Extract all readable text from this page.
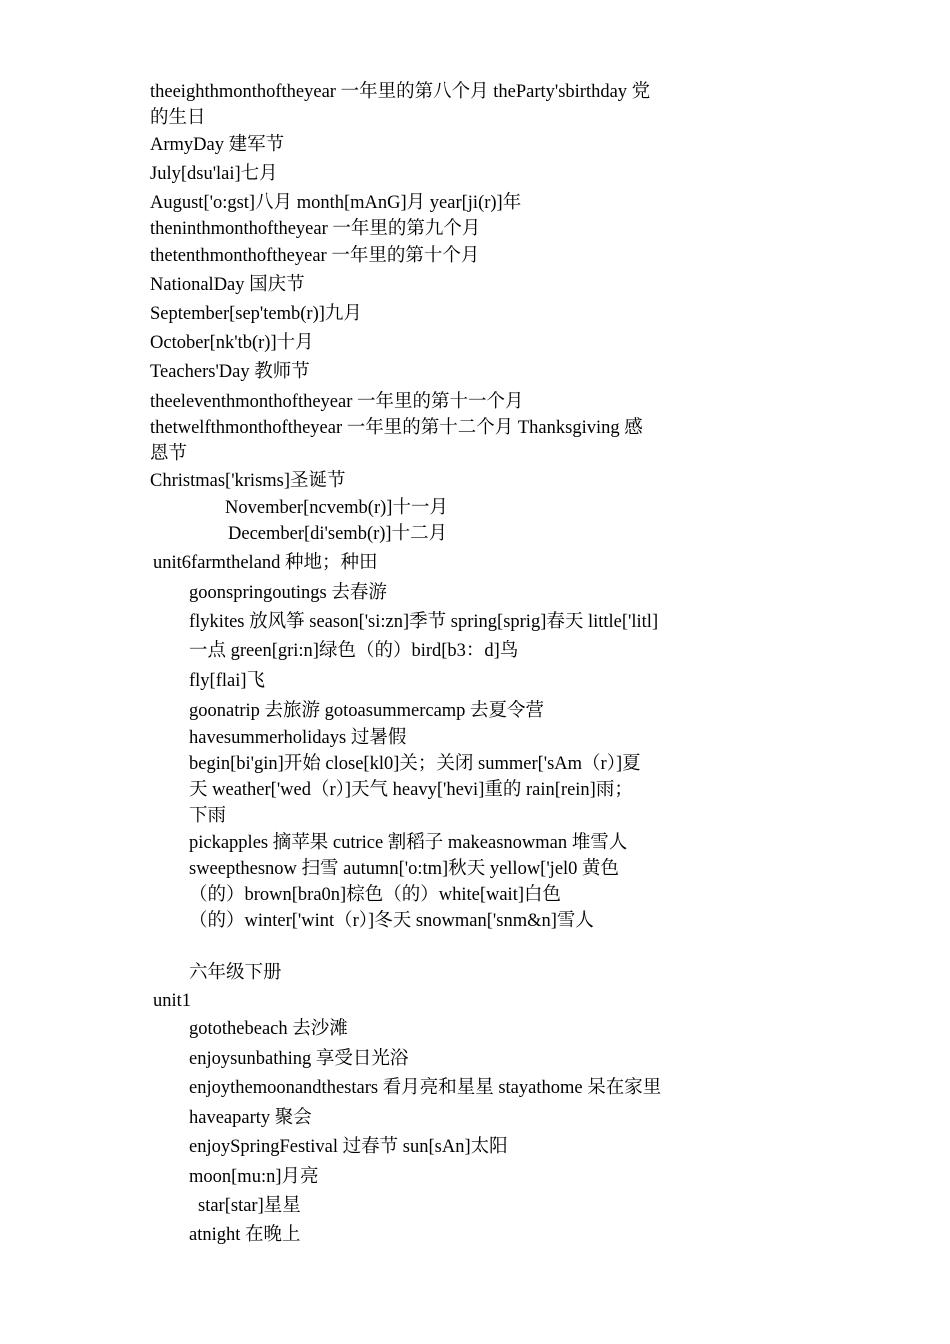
theeighthmonthoftheyear 一年里的第八个月 theParty'sbirthday 党
的生日
ArmyDay 建军节
July[dsu'lai]七月
August['o:gst]八月 month[mAnG]月 year[ji(r)]年
theninthmonthoftheyear 一年里的第九个月
thetenthmonthoftheyear 一年里的第十个月
NationalDay 国庆节
September[sep'temb(r)]九月
October[nk'tb(r)]十月
Teachers'Day 教师节
theeleventhmonthoftheyear 一年里的第十一个月
thetwelfthmonthoftheyear 一年里的第十二个月 Thanksgiving 感
恩节
Christmas['krisms]圣诞节
November[ncvemb(r)]十一月
December[di'semb(r)]十二月
unit6farmtheland 种地；种田
goonspringoutings 去春游
flykites 放风筝 season['si:zn]季节 spring[sprig]春天 little['litl]
一点 green[gri:n]绿色（的）bird[b3：d]鸟
fly[flai]飞
goonatrip 去旅游 gotoasummercamp 去夏令营
havesummerholidays 过暑假
begin[bi'gin]开始 close[kl0]关；关闭 summer['sAm（r）]夏
天 weather['wed（r）]天气 heavy['hevi]重的 rain[rein]雨；
下雨
pickapples 摘苹果 cutrice 割稻子 makeasnowman 堆雪人
sweepthesnow 扫雪 autumn['o:tm]秋天 yellow['jel0 黄色
（的）brown[bra0n]棕色（的）white[wait]白色
（的）winter['wint（r）]冬天 snowman['snm&n]雪人
六年级下册
unit1
gotothebeach 去沙滩
enjoysunbathing 享受日光浴
enjoythemoonandthestars 看月亮和星星 stayathome 呆在家里
haveaparty 聚会
enjoySpringFestival 过春节 sun[sAn]太阳
moon[mu:n]月亮
star[star]星星
atnight 在晚上
